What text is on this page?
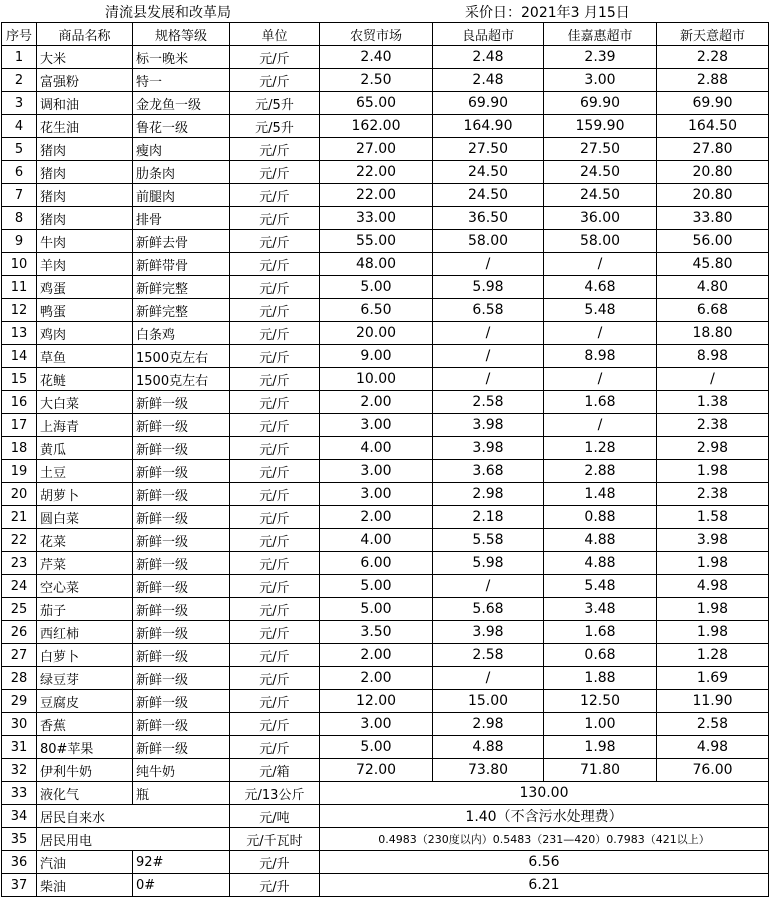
清流县发展和改革局	采价日：2021年3 月15日
序号	商品名称	规格等级	单位	农贸市场	良品超市	佳嘉惠超市	新天意超市
1	大米	标一晚米	元/斤	2.40	2.48	2.39	2.28
2	富强粉	特一	元/斤	2.50	2.48	3.00	2.88
3	调和油	金龙鱼一级	元/5升	65.00	69.90	69.90	69.90
4	花生油	鲁花一级	元/5升	162.00	164.90	159.90	164.50
5	猪肉	瘦肉	元/斤	27.00	27.50	27.50	27.80
6	猪肉	肋条肉	元/斤	22.00	24.50	24.50	20.80
7	猪肉	前腿肉	元/斤	22.00	24.50	24.50	20.80
8	猪肉	排骨	元/斤	33.00	36.50	36.00	33.80
9	牛肉	新鲜去骨	元/斤	55.00	58.00	58.00	56.00
10	羊肉	新鲜带骨	元/斤	48.00	/	/	45.80
11	鸡蛋	新鲜完整	元/斤	5.00	5.98	4.68	4.80
12	鸭蛋	新鲜完整	元/斤	6.50	6.58	5.48	6.68
13	鸡肉	白条鸡	元/斤	20.00	/	/	18.80
14	草鱼	1500克左右	元/斤	9.00	/	8.98	8.98
15	花鲢	1500克左右	元/斤	10.00	/	/	/
16	大白菜	新鲜一级	元/斤	2.00	2.58	1.68	1.38
17	上海青	新鲜一级	元/斤	3.00	3.98	/	2.38
18	黄瓜	新鲜一级	元/斤	4.00	3.98	1.28	2.98
19	土豆	新鲜一级	元/斤	3.00	3.68	2.88	1.98
20	胡萝卜	新鲜一级	元/斤	3.00	2.98	1.48	2.38
21	圆白菜	新鲜一级	元/斤	2.00	2.18	0.88	1.58
22	花菜	新鲜一级	元/斤	4.00	5.58	4.88	3.98
23	芹菜	新鲜一级	元/斤	6.00	5.98	4.88	1.98
24	空心菜	新鲜一级	元/斤	5.00	/	5.48	4.98
25	茄子	新鲜一级	元/斤	5.00	5.68	3.48	1.98
26	西红柿	新鲜一级	元/斤	3.50	3.98	1.68	1.98
27	白萝卜	新鲜一级	元/斤	2.00	2.58	0.68	1.28
28	绿豆芽	新鲜一级	元/斤	2.00	/	1.88	1.69
29	豆腐皮	新鲜一级	元/斤	12.00	15.00	12.50	11.90
30	香蕉	新鲜一级	元/斤	3.00	2.98	1.00	2.58
31	80#苹果	新鲜一级	元/斤	5.00	4.88	1.98	4.98
32	伊利牛奶	纯牛奶	元/箱	72.00	73.80	71.80	76.00
33	液化气	瓶	元/13公斤	130.00			
34	居民自来水		元/吨	1.40（不含污水处理费）			
35	居民用电		元/千瓦时	0.4983（230度以内）0.5483（231—420）0.7983（421以上）			
36	汽油	92#	元/升	6.56			
37	柴油	0#	元/升	6.21			
